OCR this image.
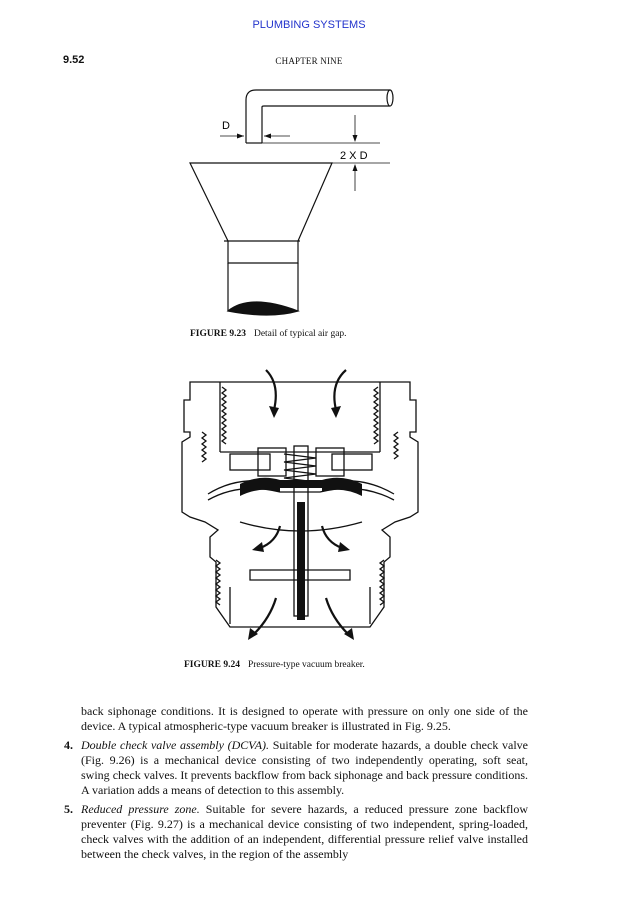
PLUMBING SYSTEMS
9.52	CHAPTER NINE
D
2 X D
FIGURE 9.23 Detail of typical air gap.
FIGURE 9.24 Pressure-type vacuum breaker.

back siphonage conditions. It is designed to operate with pressure on only one side of the device. A typical atmospheric-type vacuum breaker is illustrated in Fig. 9.25.

4. Double check valve assembly (DCVA). Suitable for moderate hazards, a double check valve (Fig. 9.26) is a mechanical device consisting of two independently operating, soft seat, swing check valves. It prevents backflow from back siphonage and back pressure conditions. A variation adds a means of detection to this assembly.

5. Reduced pressure zone. Suitable for severe hazards, a reduced pressure zone backflow preventer (Fig. 9.27) is a mechanical device consisting of two independent, spring-loaded, check valves with the addition of an independent, differential pressure relief valve installed between the check valves, in the region of the assembly
